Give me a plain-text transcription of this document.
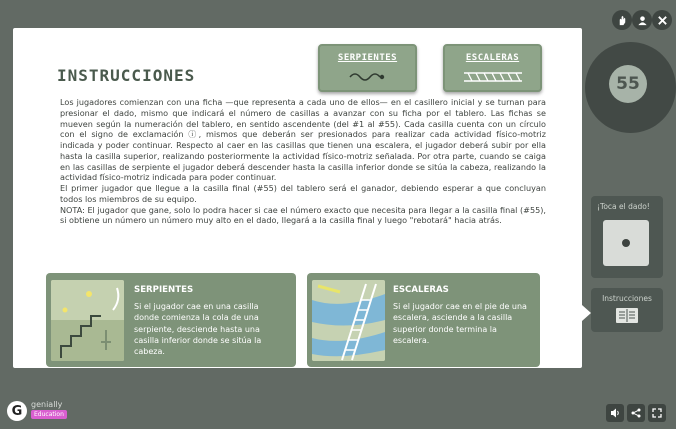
INSTRUCCIONES
SERPIENTES	ESCALERAS

Los jugadores comienzan con una ficha —que representa a cada uno de ellos— en el casillero inicial y se turnan para presionar el dado, mismo que indicará el número de casillas a avanzar con su ficha por el tablero. Las fichas se mueven según la numeración del tablero, en sentido ascendente (del #1 al #55). Cada casilla cuenta con un círculo con el signo de exclamación ⓘ, mismos que deberán ser presionados para realizar cada actividad físico-motriz indicada y poder continuar. Respecto al caer en las casillas que tienen una escalera, el jugador deberá subir por ella hasta la casilla superior, realizando posteriormente la actividad físico-motriz señalada. Por otra parte, cuando se caiga en las casillas de serpiente el jugador deberá descender hasta la casilla inferior donde se sitúa la cabeza, realizando la actividad físico-motriz indicada para poder continuar.

El primer jugador que llegue a la casilla final (#55) del tablero será el ganador, debiendo esperar a que concluyan todos los miembros de su equipo.

NOTA: El jugador que gane, solo lo podra hacer si cae el número exacto que necesita para llegar a la casilla final (#55), si obtiene un número un número muy alto en el dado, llegará a la casilla final y luego "rebotará" hacia atrás.

SERPIENTES
Si el jugador cae en una casilla donde comienza la cola de una serpiente, desciende hasta una casilla inferior donde se sitúa la cabeza.
ESCALERAS
Si el jugador cae en el pie de una escalera, asciende a la casilla superior donde termina la escalera.
55
¡Toca el dado!
Instrucciones
G	genially
Education
